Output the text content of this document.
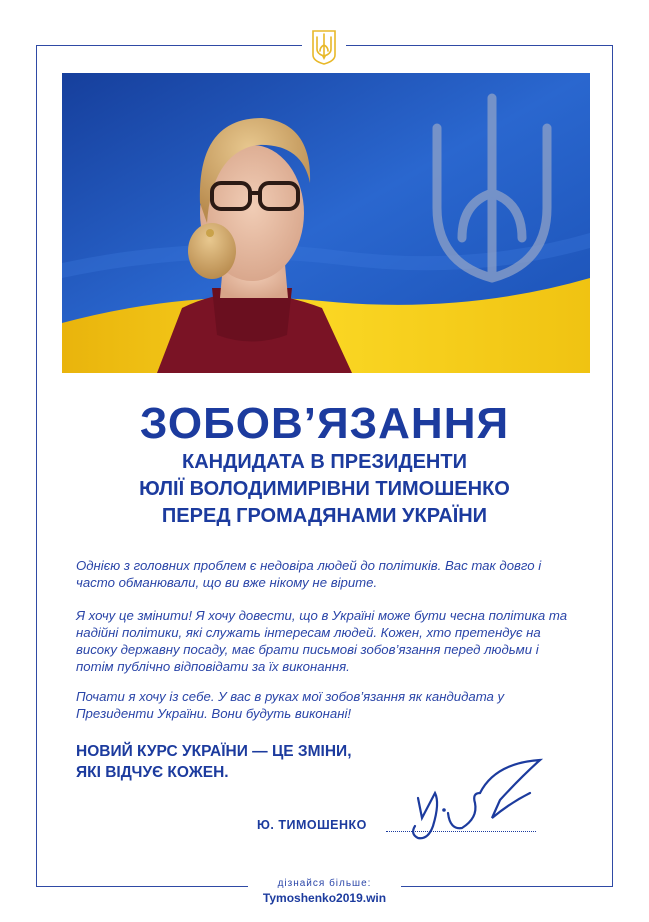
ЗОБОВ’ЯЗАННЯ
КАНДИДАТА В ПРЕЗИДЕНТИ
ЮЛІЇ ВОЛОДИМИРІВНИ ТИМОШЕНКО
ПЕРЕД ГРОМАДЯНАМИ УКРАЇНИ
Однією з головних проблем є недовіра людей до політиків. Вас так довго і часто обманювали, що ви вже нікому не вірите.
Я хочу це змінити! Я хочу довести, що в Україні може бути чесна політика та надійні політики, які служать інтересам людей. Кожен, хто претендує на високу державну посаду, має брати письмові зобов’язання перед людьми і потім публічно відповідати за їх виконання.
Почати я хочу із себе. У вас в руках мої зобов’язання як кандидата у Президенти України. Вони будуть виконані!
НОВИЙ КУРС УКРАЇНИ — ЦЕ ЗМІНИ,
ЯКІ ВІДЧУЄ КОЖЕН.
Ю. ТИМОШЕНКО
дізнайся більше:
Tymoshenko2019.win
